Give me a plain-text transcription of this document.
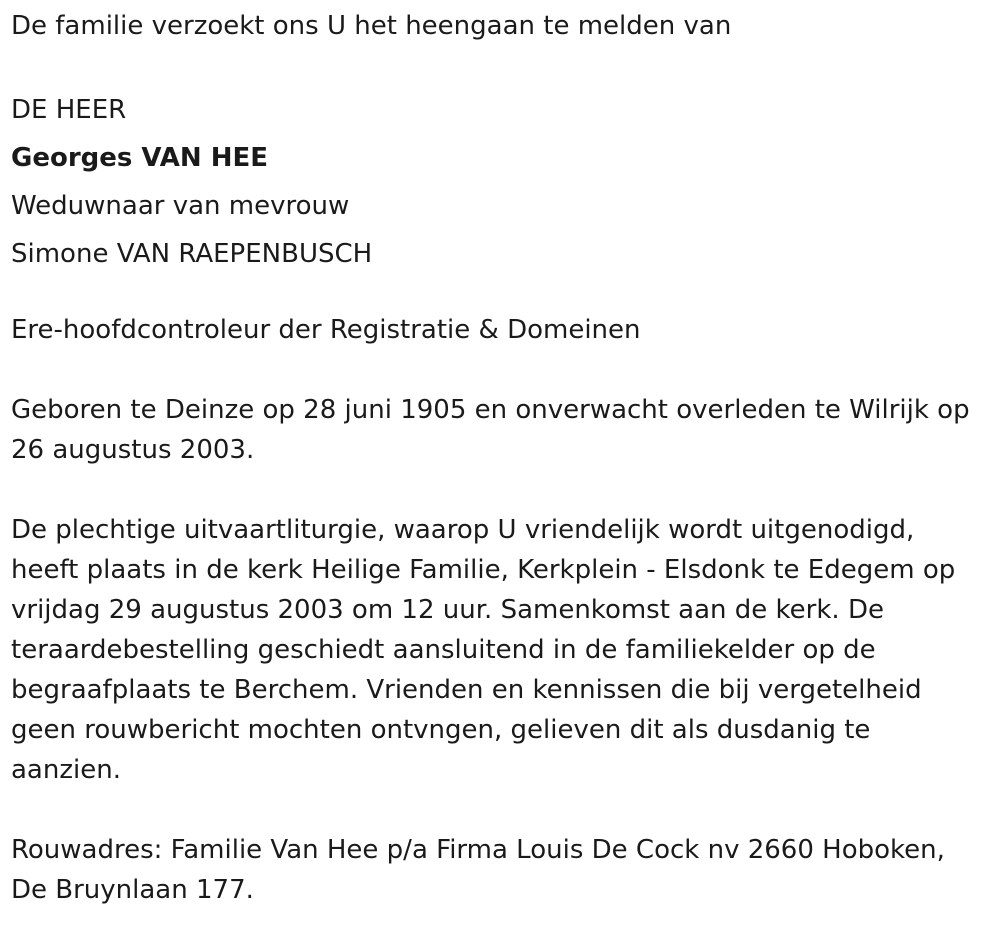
De familie verzoekt ons U het heengaan te melden van
DE HEER
Georges VAN HEE
Weduwnaar van mevrouw
Simone VAN RAEPENBUSCH
Ere-hoofdcontroleur der Registratie & Domeinen
Geboren te Deinze op 28 juni 1905 en onverwacht overleden te Wilrijk op
26 augustus 2003.
De plechtige uitvaartliturgie, waarop U vriendelijk wordt uitgenodigd,
heeft plaats in de kerk Heilige Familie, Kerkplein - Elsdonk te Edegem op
vrijdag 29 augustus 2003 om 12 uur. Samenkomst aan de kerk. De
teraardebestelling geschiedt aansluitend in de familiekelder op de
begraafplaats te Berchem. Vrienden en kennissen die bij vergetelheid
geen rouwbericht mochten ontvngen, gelieven dit als dusdanig te
aanzien.
Rouwadres: Familie Van Hee p/a Firma Louis De Cock nv 2660 Hoboken,
De Bruynlaan 177.
